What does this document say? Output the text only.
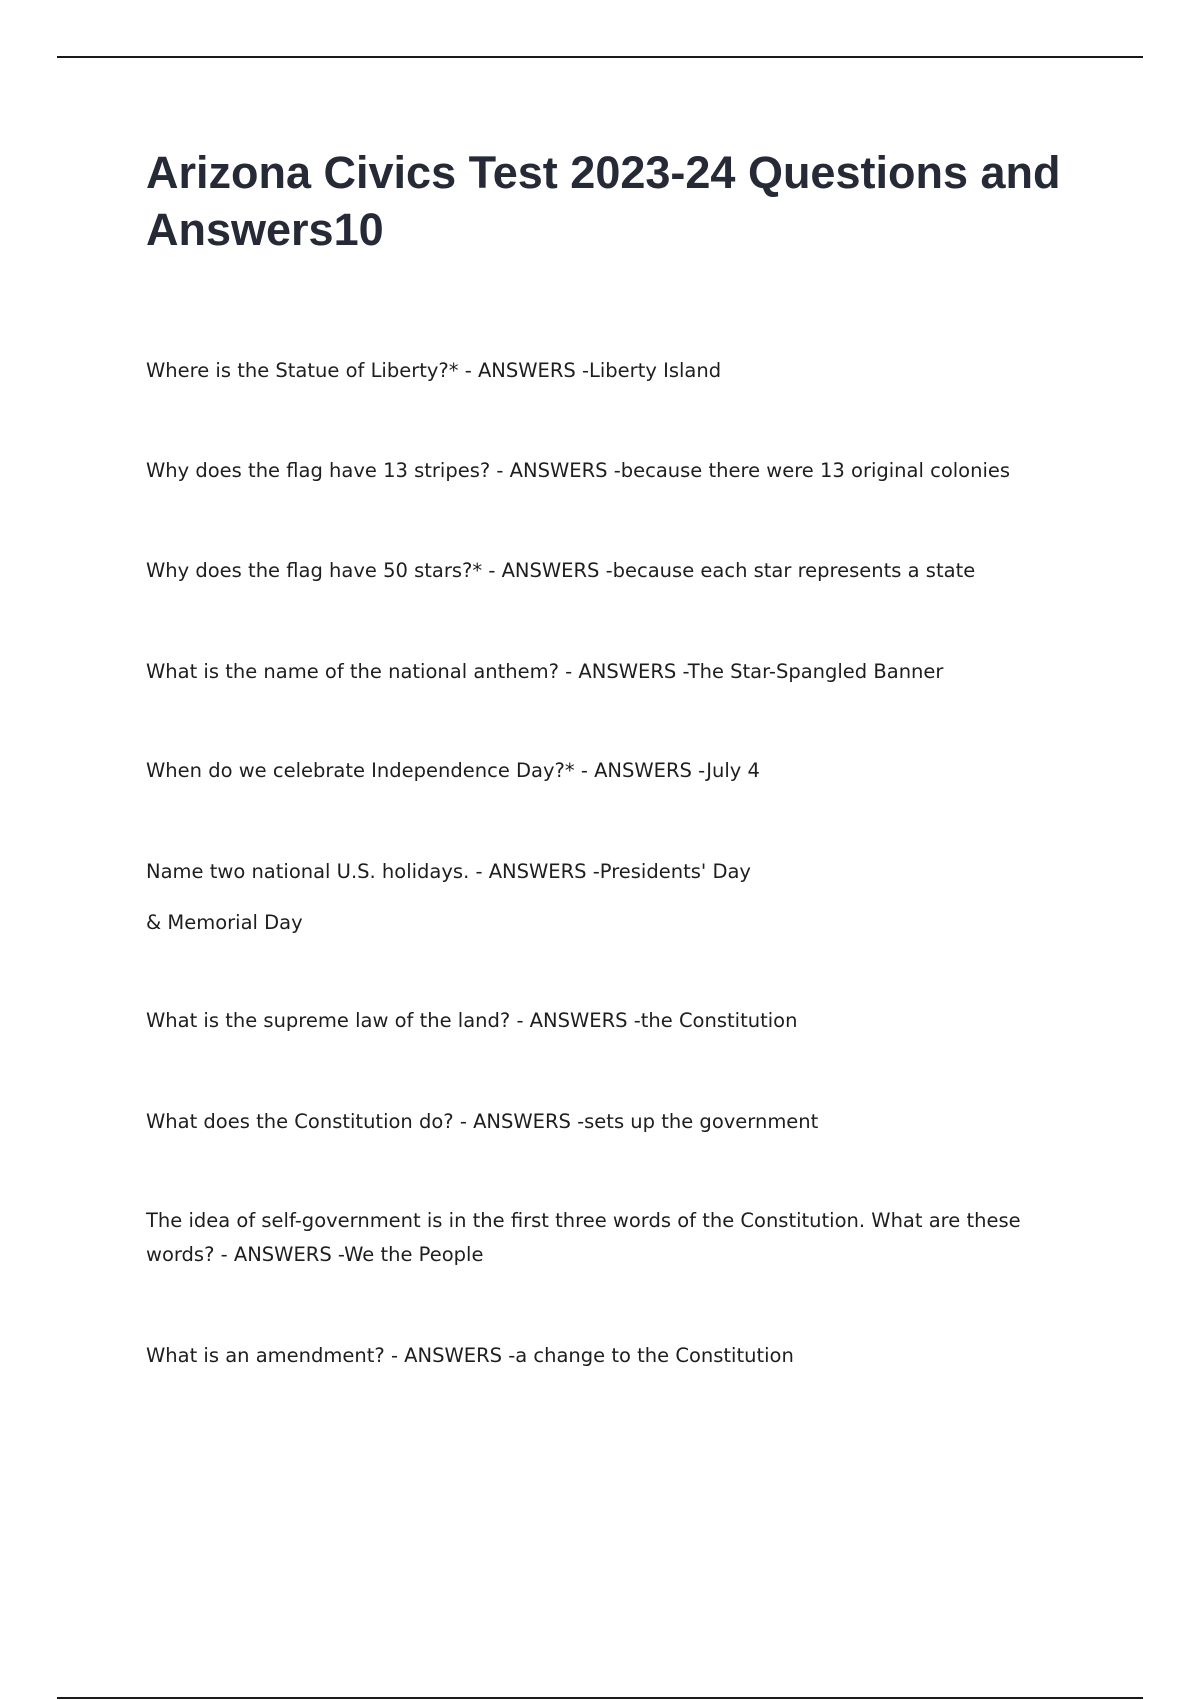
Arizona Civics Test 2023-24 Questions and Answers10

Where is the Statue of Liberty?* - ANSWERS -Liberty Island

Why does the flag have 13 stripes? - ANSWERS -because there were 13 original colonies

Why does the flag have 50 stars?* - ANSWERS -because each star represents a state

What is the name of the national anthem? - ANSWERS -The Star-Spangled Banner

When do we celebrate Independence Day?* - ANSWERS -July 4

Name two national U.S. holidays. - ANSWERS -Presidents' Day
& Memorial Day

What is the supreme law of the land? - ANSWERS -the Constitution

What does the Constitution do? - ANSWERS -sets up the government

The idea of self-government is in the first three words of the Constitution. What are these
words? - ANSWERS -We the People

What is an amendment? - ANSWERS -a change to the Constitution
